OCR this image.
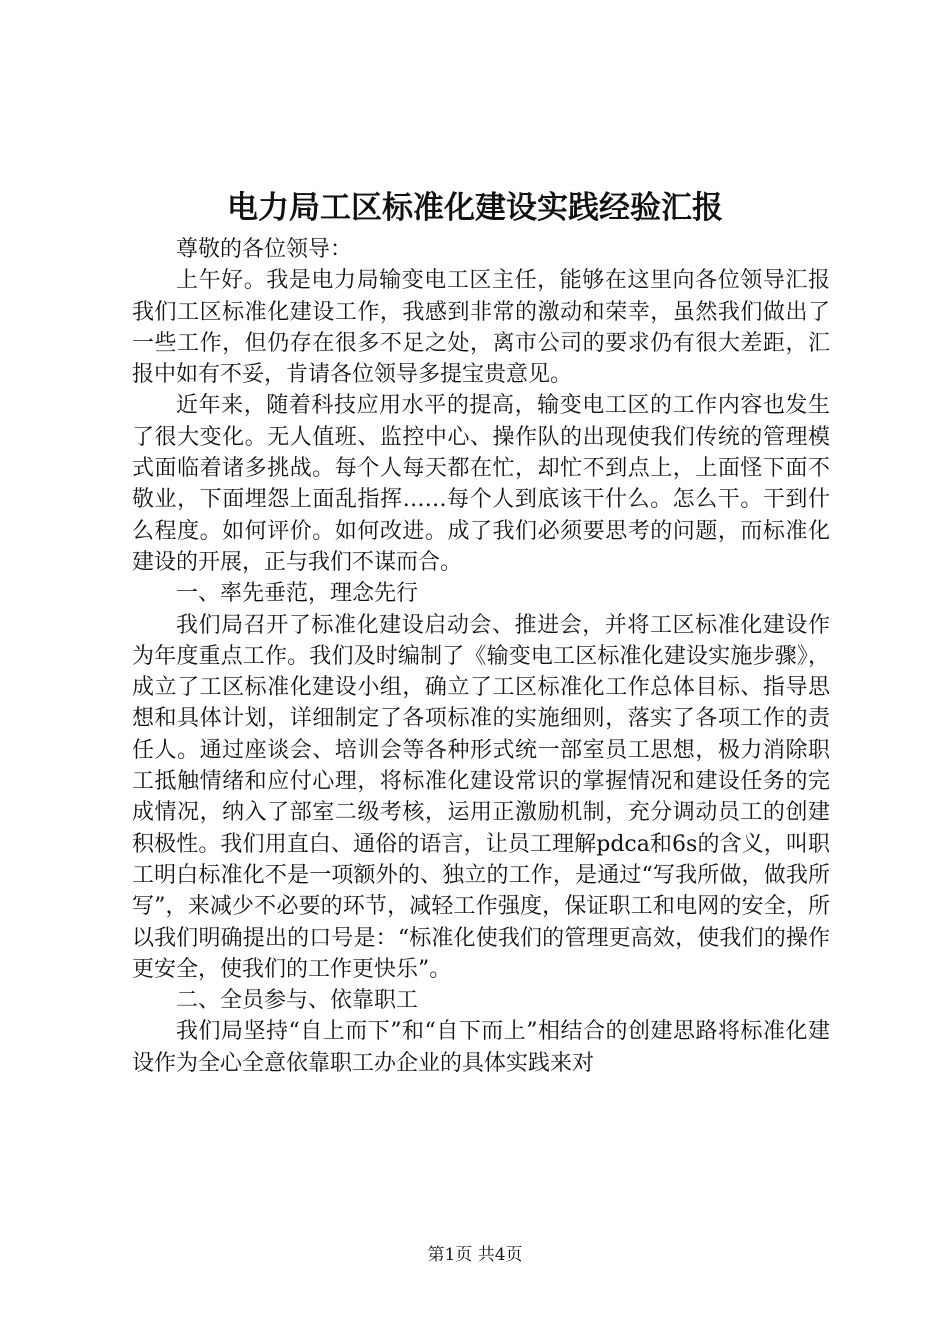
电力局工区标准化建设实践经验汇报

尊敬的各位领导：

上午好。我是电力局输变电工区主任，能够在这里向各位领导汇报我们工区标准化建设工作，我感到非常的激动和荣幸，虽然我们做出了一些工作，但仍存在很多不足之处，离市公司的要求仍有很大差距，汇报中如有不妥，肯请各位领导多提宝贵意见。

近年来，随着科技应用水平的提高，输变电工区的工作内容也发生了很大变化。无人值班、监控中心、操作队的出现使我们传统的管理模式面临着诸多挑战。每个人每天都在忙，却忙不到点上，上面怪下面不敬业，下面埋怨上面乱指挥……每个人到底该干什么。怎么干。干到什么程度。如何评价。如何改进。成了我们必须要思考的问题，而标准化建设的开展，正与我们不谋而合。

一、率先垂范，理念先行

我们局召开了标准化建设启动会、推进会，并将工区标准化建设作为年度重点工作。我们及时编制了《输变电工区标准化建设实施步骤》，成立了工区标准化建设小组，确立了工区标准化工作总体目标、指导思想和具体计划，详细制定了各项标准的实施细则，落实了各项工作的责任人。通过座谈会、培训会等各种形式统一部室员工思想，极力消除职工抵触情绪和应付心理，将标准化建设常识的掌握情况和建设任务的完成情况，纳入了部室二级考核，运用正激励机制，充分调动员工的创建积极性。我们用直白、通俗的语言，让员工理解pdca和6s的含义，叫职工明白标准化不是一项额外的、独立的工作，是通过“写我所做，做我所写”，来减少不必要的环节，减轻工作强度，保证职工和电网的安全，所以我们明确提出的口号是：“标准化使我们的管理更高效，使我们的操作更安全，使我们的工作更快乐”。

二、全员参与、依靠职工

我们局坚持“自上而下”和“自下而上”相结合的创建思路将标准化建设作为全心全意依靠职工办企业的具体实践来对

第1页 共4页
